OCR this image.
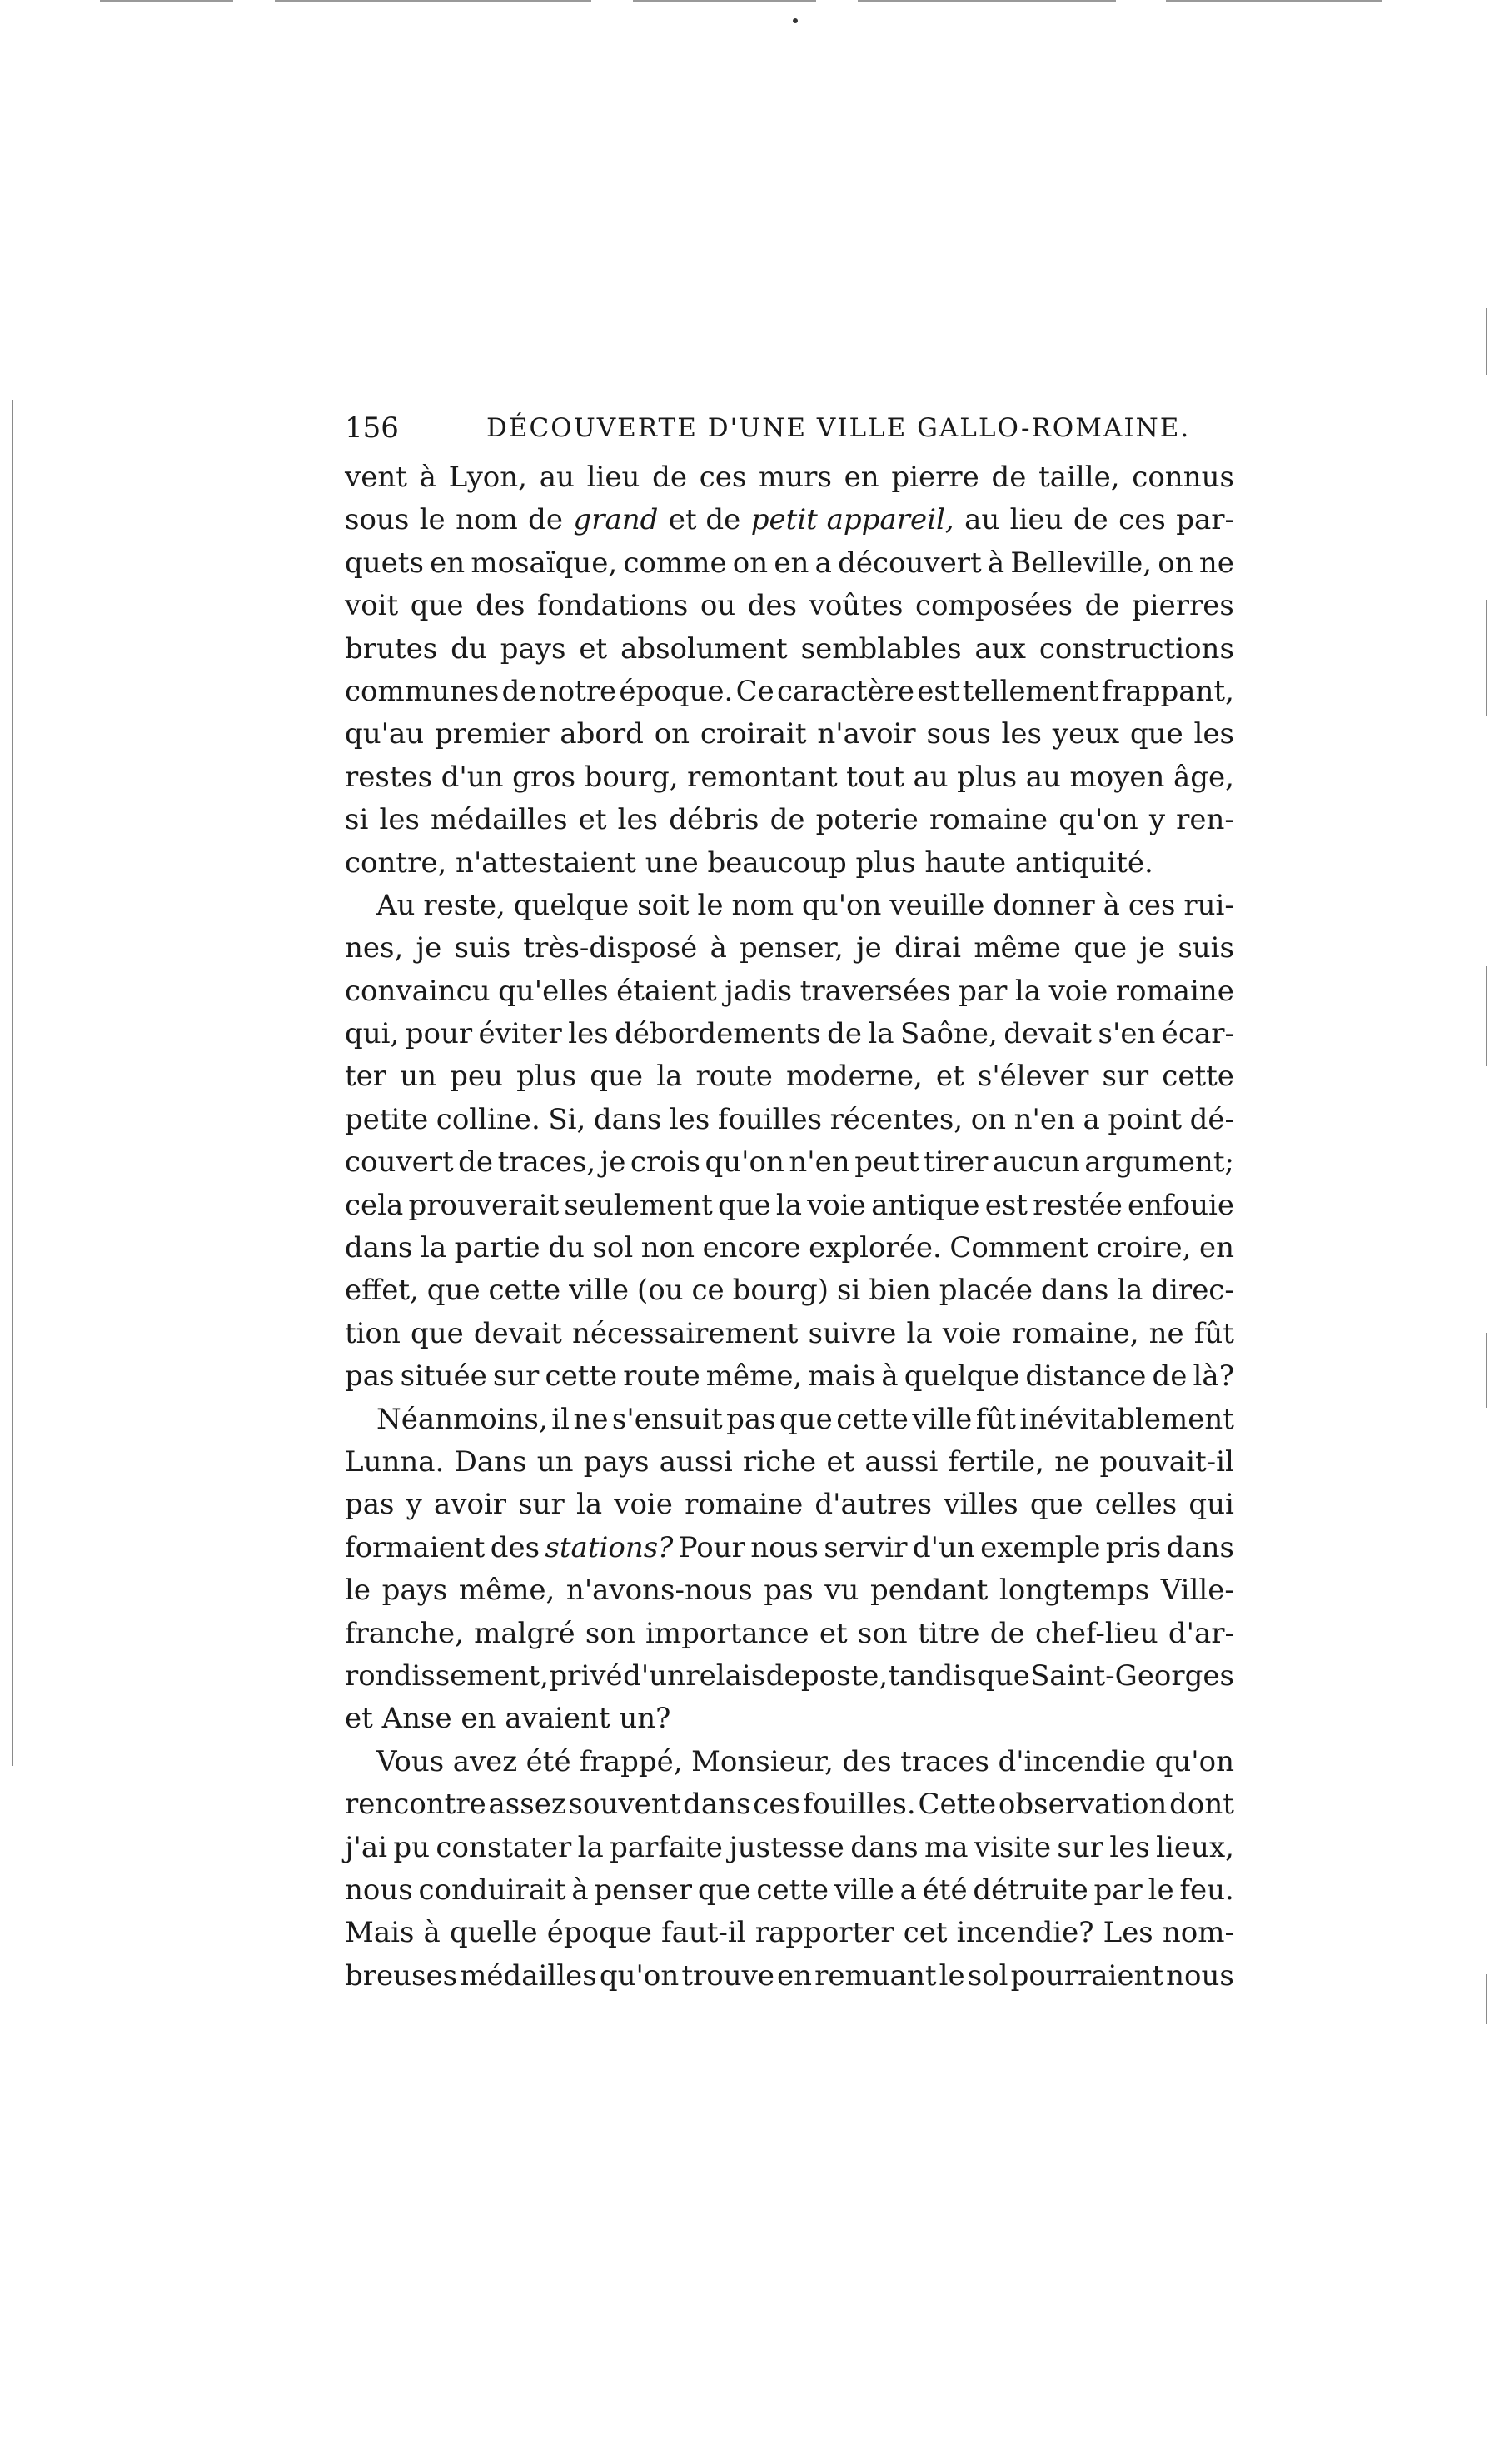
156	DÉCOUVERTE D'UNE VILLE GALLO-ROMAINE.
vent à Lyon, au lieu de ces murs en pierre de taille, connus
sous le nom de grand et de petit appareil, au lieu de ces par-
quets en mosaïque, comme on en a découvert à Belleville, on ne
voit que des fondations ou des voûtes composées de pierres
brutes du pays et absolument semblables aux constructions
communes de notre époque. Ce caractère est tellement frappant,
qu'au premier abord on croirait n'avoir sous les yeux que les
restes d'un gros bourg, remontant tout au plus au moyen âge,
si les médailles et les débris de poterie romaine qu'on y ren-
contre, n'attestaient une beaucoup plus haute antiquité.
Au reste, quelque soit le nom qu'on veuille donner à ces rui-
nes, je suis très-disposé à penser, je dirai même que je suis
convaincu qu'elles étaient jadis traversées par la voie romaine
qui, pour éviter les débordements de la Saône, devait s'en écar-
ter un peu plus que la route moderne, et s'élever sur cette
petite colline. Si, dans les fouilles récentes, on n'en a point dé-
couvert de traces, je crois qu'on n'en peut tirer aucun argument;
cela prouverait seulement que la voie antique est restée enfouie
dans la partie du sol non encore explorée. Comment croire, en
effet, que cette ville (ou ce bourg) si bien placée dans la direc-
tion que devait nécessairement suivre la voie romaine, ne fût
pas située sur cette route même, mais à quelque distance de là?
Néanmoins, il ne s'ensuit pas que cette ville fût inévitablement
Lunna. Dans un pays aussi riche et aussi fertile, ne pouvait-il
pas y avoir sur la voie romaine d'autres villes que celles qui
formaient des stations? Pour nous servir d'un exemple pris dans
le pays même, n'avons-nous pas vu pendant longtemps Ville-
franche, malgré son importance et son titre de chef-lieu d'ar-
rondissement, privé d'un relais de poste, tandis que Saint-Georges
et Anse en avaient un?
Vous avez été frappé, Monsieur, des traces d'incendie qu'on
rencontre assez souvent dans ces fouilles. Cette observation dont
j'ai pu constater la parfaite justesse dans ma visite sur les lieux,
nous conduirait à penser que cette ville a été détruite par le feu.
Mais à quelle époque faut-il rapporter cet incendie? Les nom-
breuses médailles qu'on trouve en remuant le sol pourraient nous
